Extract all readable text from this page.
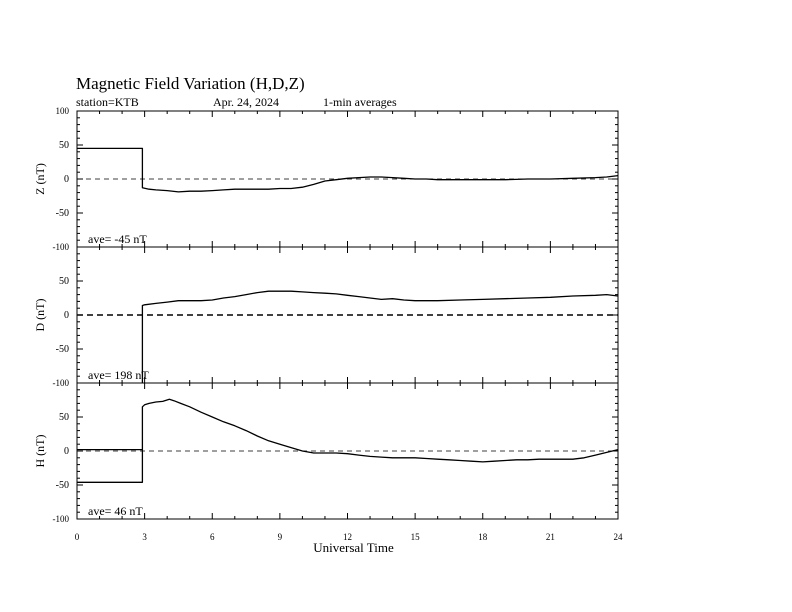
Magnetic Field Variation (H,D,Z)
station=KTB	Apr. 24, 2024	1-min averages
100
50
0
-50
-100
Z (nT)
ave= -45 nT
50
0
-50
-100
D (nT)
ave= 198 nT
50
0
-50
-100
H (nT)
ave= 46 nT
0	3	6	9	12	15	18	21	24
Universal Time
